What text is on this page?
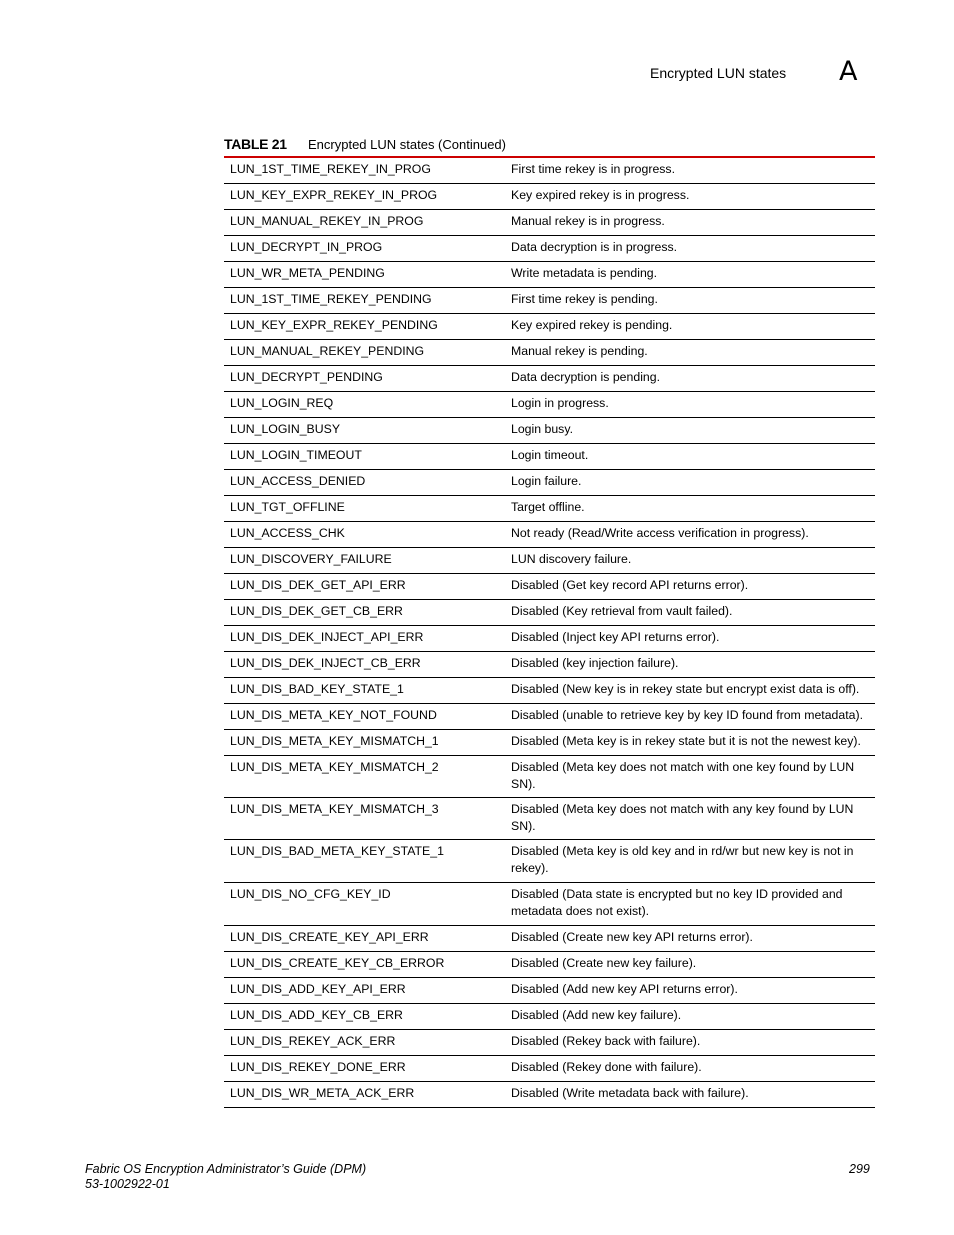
Encrypted LUN states A
TABLE 21 Encrypted LUN states (Continued)
LUN_1ST_TIME_REKEY_IN_PROG	First time rekey is in progress.
LUN_KEY_EXPR_REKEY_IN_PROG	Key expired rekey is in progress.
LUN_MANUAL_REKEY_IN_PROG	Manual rekey is in progress.
LUN_DECRYPT_IN_PROG	Data decryption is in progress.
LUN_WR_META_PENDING	Write metadata is pending.
LUN_1ST_TIME_REKEY_PENDING	First time rekey is pending.
LUN_KEY_EXPR_REKEY_PENDING	Key expired rekey is pending.
LUN_MANUAL_REKEY_PENDING	Manual rekey is pending.
LUN_DECRYPT_PENDING	Data decryption is pending.
LUN_LOGIN_REQ	Login in progress.
LUN_LOGIN_BUSY	Login busy.
LUN_LOGIN_TIMEOUT	Login timeout.
LUN_ACCESS_DENIED	Login failure.
LUN_TGT_OFFLINE	Target offline.
LUN_ACCESS_CHK	Not ready (Read/Write access verification in progress).
LUN_DISCOVERY_FAILURE	LUN discovery failure.
LUN_DIS_DEK_GET_API_ERR	Disabled (Get key record API returns error).
LUN_DIS_DEK_GET_CB_ERR	Disabled (Key retrieval from vault failed).
LUN_DIS_DEK_INJECT_API_ERR	Disabled (Inject key API returns error).
LUN_DIS_DEK_INJECT_CB_ERR	Disabled (key injection failure).
LUN_DIS_BAD_KEY_STATE_1	Disabled (New key is in rekey state but encrypt exist data is off).
LUN_DIS_META_KEY_NOT_FOUND	Disabled (unable to retrieve key by key ID found from metadata).
LUN_DIS_META_KEY_MISMATCH_1	Disabled (Meta key is in rekey state but it is not the newest key).
LUN_DIS_META_KEY_MISMATCH_2	Disabled (Meta key does not match with one key found by LUN SN).
LUN_DIS_META_KEY_MISMATCH_3	Disabled (Meta key does not match with any key found by LUN SN).
LUN_DIS_BAD_META_KEY_STATE_1	Disabled (Meta key is old key and in rd/wr but new key is not in rekey).
LUN_DIS_NO_CFG_KEY_ID	Disabled (Data state is encrypted but no key ID provided and metadata does not exist).
LUN_DIS_CREATE_KEY_API_ERR	Disabled (Create new key API returns error).
LUN_DIS_CREATE_KEY_CB_ERROR	Disabled (Create new key failure).
LUN_DIS_ADD_KEY_API_ERR	Disabled (Add new key API returns error).
LUN_DIS_ADD_KEY_CB_ERR	Disabled (Add new key failure).
LUN_DIS_REKEY_ACK_ERR	Disabled (Rekey back with failure).
LUN_DIS_REKEY_DONE_ERR	Disabled (Rekey done with failure).
LUN_DIS_WR_META_ACK_ERR	Disabled (Write metadata back with failure).
Fabric OS Encryption Administrator’s Guide (DPM)
53-1002922-01
299
